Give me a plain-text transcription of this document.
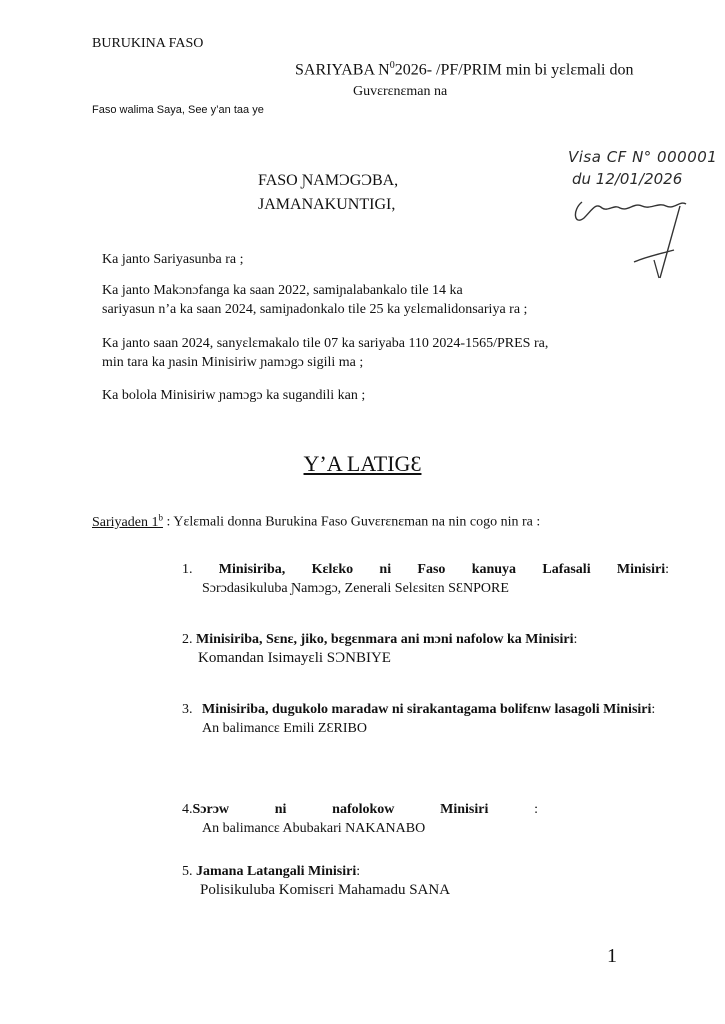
BURUKINA FASO
SARIYABA $N^02026-$ /PF/PRIM min bi yɛlɛmali don
Guvɛrɛnɛman na
Faso walima Saya, See y’an taa ye
FASO ƝAMƆGƆBA,
JAMANAKUNTIGI,
Visa CF N° 000001
du 12/01/2026
Ka janto Sariyasunba ra ;
Ka janto Makɔnɔfanga ka saan 2022, samiɲalabankalo tile 14 ka
sariyasun n’a ka saan 2024, samiɲadonkalo tile 25 ka yɛlɛmalidonsariya ra ;
Ka janto saan 2024, sanyɛlɛmakalo tile 07 ka sariyaba 110 2024-1565/PRES ra,
min tara ka ɲasin Minisiriw ɲamɔgɔ sigili ma ;
Ka bolola Minisiriw ɲamɔgɔ ka sugandili kan ;
Y’A LATIGƐ
Sariyaden 1$^b$ : Yɛlɛmali donna Burukina Faso Guvɛrɛnɛman na nin cogo nin ra :
1. Minisiriba, Kɛlɛko ni Faso kanuya Lafasali Minisiri:
Sɔrɔdasikuluba Ɲamɔgɔ, Zenerali Selɛsitɛn SƐNPORE
2. Minisiriba, Sɛnɛ, jiko, bɛgɛnmara ani mɔni nafolow ka Minisiri:
Komandan Isimayɛli SƆNBIYE
3. Minisiriba, dugukolo maradaw ni sirakantagama bolifɛnw lasagoli Minisiri:
An balimancɛ Emili ZƐRIBO
4.Sɔrɔw	ni	nafolokow	Minisiri	:
An balimancɛ Abubakari NAKANABO
5. Jamana Latangali Minisiri:
Polisikuluba Komisɛri Mahamadu SANA
1
